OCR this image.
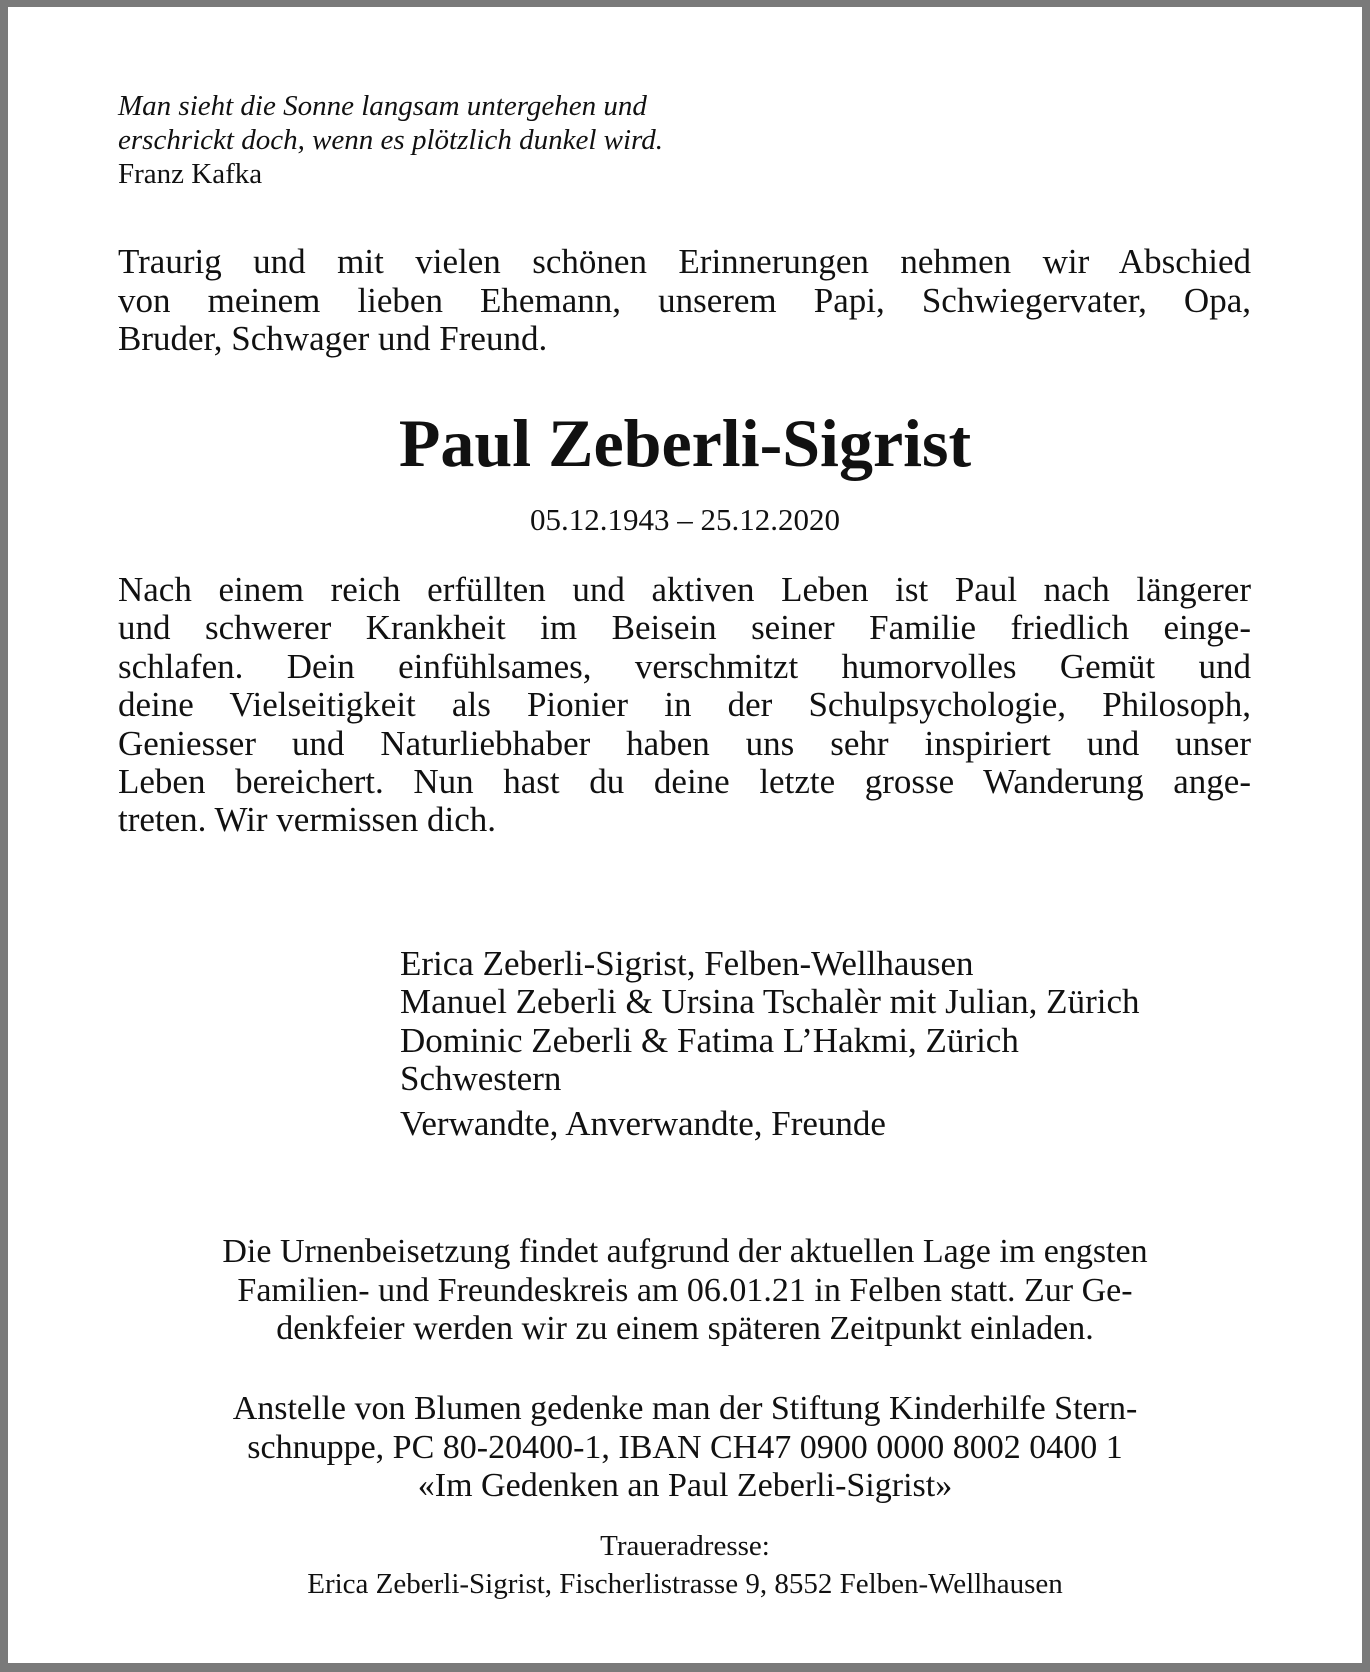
Man sieht die Sonne langsam untergehen und
erschrickt doch, wenn es plötzlich dunkel wird.
Franz Kafka
Traurig und mit vielen schönen Erinnerungen nehmen wir Abschied
von meinem lieben Ehemann, unserem Papi, Schwiegervater, Opa,
Bruder, Schwager und Freund.
Paul Zeberli-Sigrist
05.12.1943 – 25.12.2020
Nach einem reich erfüllten und aktiven Leben ist Paul nach längerer
und schwerer Krankheit im Beisein seiner Familie friedlich einge-
schlafen. Dein einfühlsames, verschmitzt humorvolles Gemüt und
deine Vielseitigkeit als Pionier in der Schulpsychologie, Philosoph,
Geniesser und Naturliebhaber haben uns sehr inspiriert und unser
Leben bereichert. Nun hast du deine letzte grosse Wanderung ange-
treten. Wir vermissen dich.
Erica Zeberli-Sigrist, Felben-Wellhausen
Manuel Zeberli & Ursina Tschalèr mit Julian, Zürich
Dominic Zeberli & Fatima L’Hakmi, Zürich
Schwestern
Verwandte, Anverwandte, Freunde
Die Urnenbeisetzung findet aufgrund der aktuellen Lage im engsten
Familien- und Freundeskreis am 06.01.21 in Felben statt. Zur Ge-
denkfeier werden wir zu einem späteren Zeitpunkt einladen.
Anstelle von Blumen gedenke man der Stiftung Kinderhilfe Stern-
schnuppe, PC 80-20400-1, IBAN CH47 0900 0000 8002 0400 1
«Im Gedenken an Paul Zeberli-Sigrist»
Traueradresse:
Erica Zeberli-Sigrist, Fischerlistrasse 9, 8552 Felben-Wellhausen
